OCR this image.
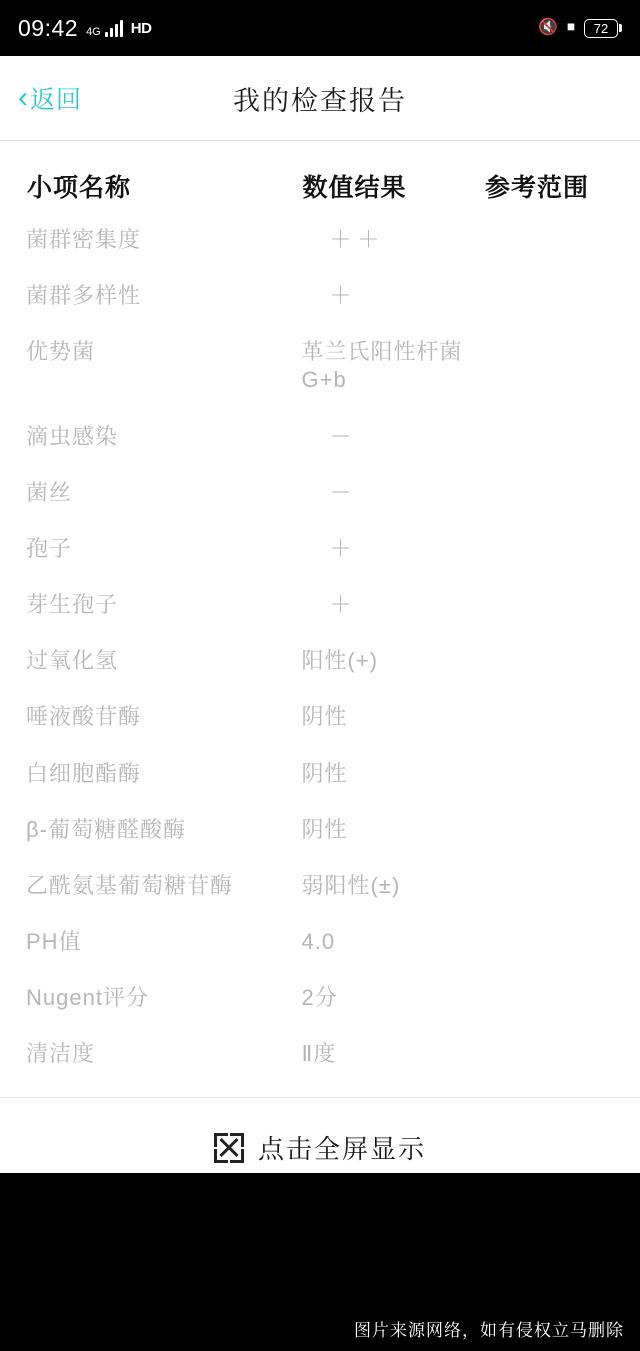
09:42 4G HD	🔇 ⏹ 72
‹ 返回	我的检查报告
小项名称	数值结果	参考范围
菌群密集度	＋＋	
菌群多样性	＋	
优势菌	革兰氏阳性杆菌G+b	
滴虫感染	－	
菌丝	－	
孢子	＋	
芽生孢子	＋	
过氧化氢	阳性(+)	
唾液酸苷酶	阴性	
白细胞酯酶	阴性	
β-葡萄糖醛酸酶	阴性	
乙酰氨基葡萄糖苷酶	弱阳性(±)	
PH值	4.0	
Nugent评分	2分	
清洁度	Ⅱ度	
点击全屏显示
图片来源网络，如有侵权立马删除
